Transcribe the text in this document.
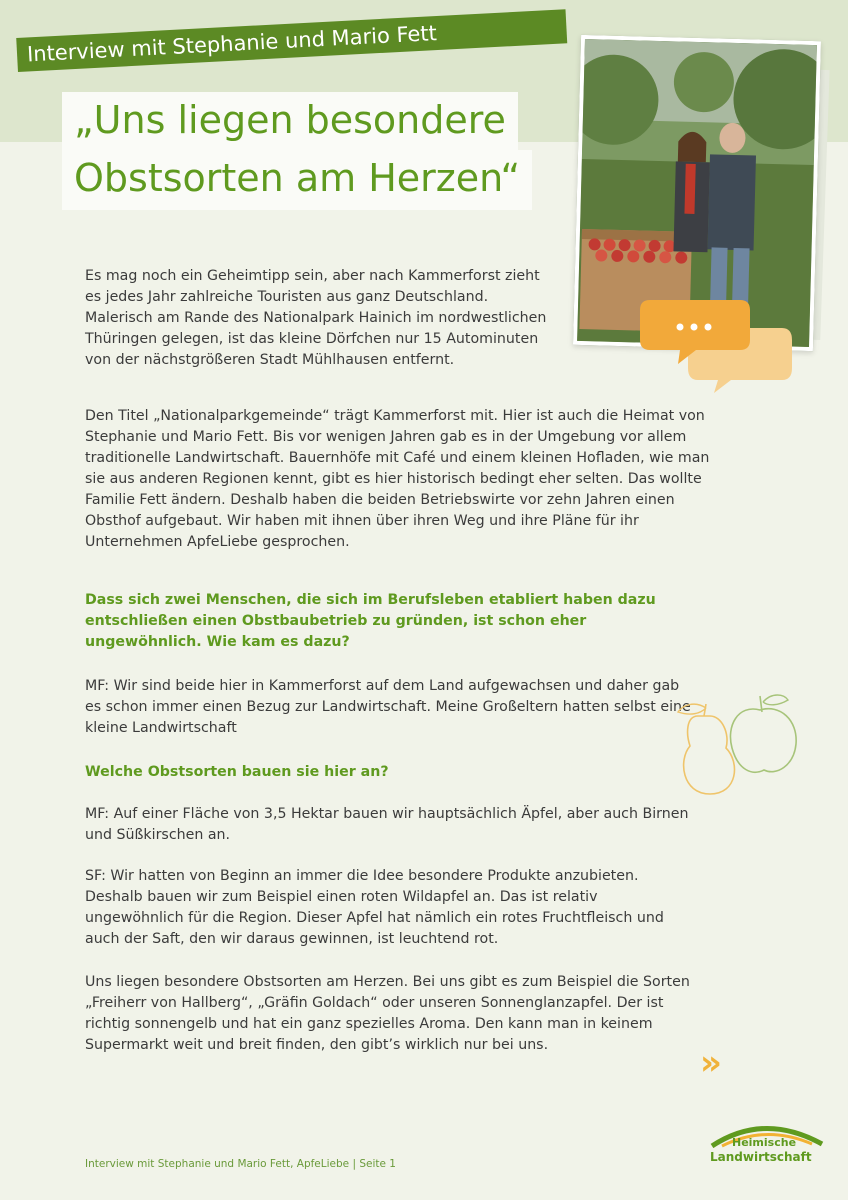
Interview mit Stephanie und Mario Fett
„Uns liegen besondere
Obstsorten am Herzen“
Es mag noch ein Geheimtipp sein, aber nach Kammerforst zieht es jedes Jahr zahlreiche Touristen aus ganz Deutschland. Malerisch am Rande des Nationalpark Hainich im nordwestlichen Thüringen gelegen, ist das kleine Dörfchen nur 15 Autominuten von der nächstgrößeren Stadt Mühlhausen entfernt.
Den Titel „Nationalparkgemeinde“ trägt Kammerforst mit. Hier ist auch die Heimat von Stephanie und Mario Fett. Bis vor wenigen Jahren gab es in der Umgebung vor allem traditionelle Landwirtschaft. Bauernhöfe mit Café und einem kleinen Hofladen, wie man sie aus anderen Regionen kennt, gibt es hier historisch bedingt eher selten. Das wollte Familie Fett ändern. Deshalb haben die beiden Betriebswirte vor zehn Jahren einen Obsthof aufgebaut. Wir haben mit ihnen über ihren Weg und ihre Pläne für ihr Unternehmen ApfeLiebe gesprochen.
Dass sich zwei Menschen, die sich im Berufsleben etabliert haben dazu entschließen einen Obstbaubetrieb zu gründen, ist schon eher ungewöhnlich. Wie kam es dazu?
MF: Wir sind beide hier in Kammerforst auf dem Land aufgewachsen und daher gab es schon immer einen Bezug zur Landwirtschaft. Meine Großeltern hatten selbst eine kleine Landwirtschaft
Welche Obstsorten bauen sie hier an?
MF: Auf einer Fläche von 3,5 Hektar bauen wir hauptsächlich Äpfel, aber auch Birnen und Süßkirschen an.
SF: Wir hatten von Beginn an immer die Idee besondere Produkte anzubieten. Deshalb bauen wir zum Beispiel einen roten Wildapfel an. Das ist relativ ungewöhnlich für die Region. Dieser Apfel hat nämlich ein rotes Fruchtfleisch und auch der Saft, den wir daraus gewinnen, ist leuchtend rot.
Uns liegen besondere Obstsorten am Herzen. Bei uns gibt es zum Beispiel die Sorten „Freiherr von Hallberg“, „Gräfin Goldach“ oder unseren Sonnenglanzapfel. Der ist richtig sonnengelb und hat ein ganz spezielles Aroma. Den kann man in keinem Supermarkt weit und breit finden, den gibt’s wirklich nur bei uns.	»
Interview mit Stephanie und Mario Fett, ApfeLiebe | Seite 1
Heimische
Landwirtschaft
